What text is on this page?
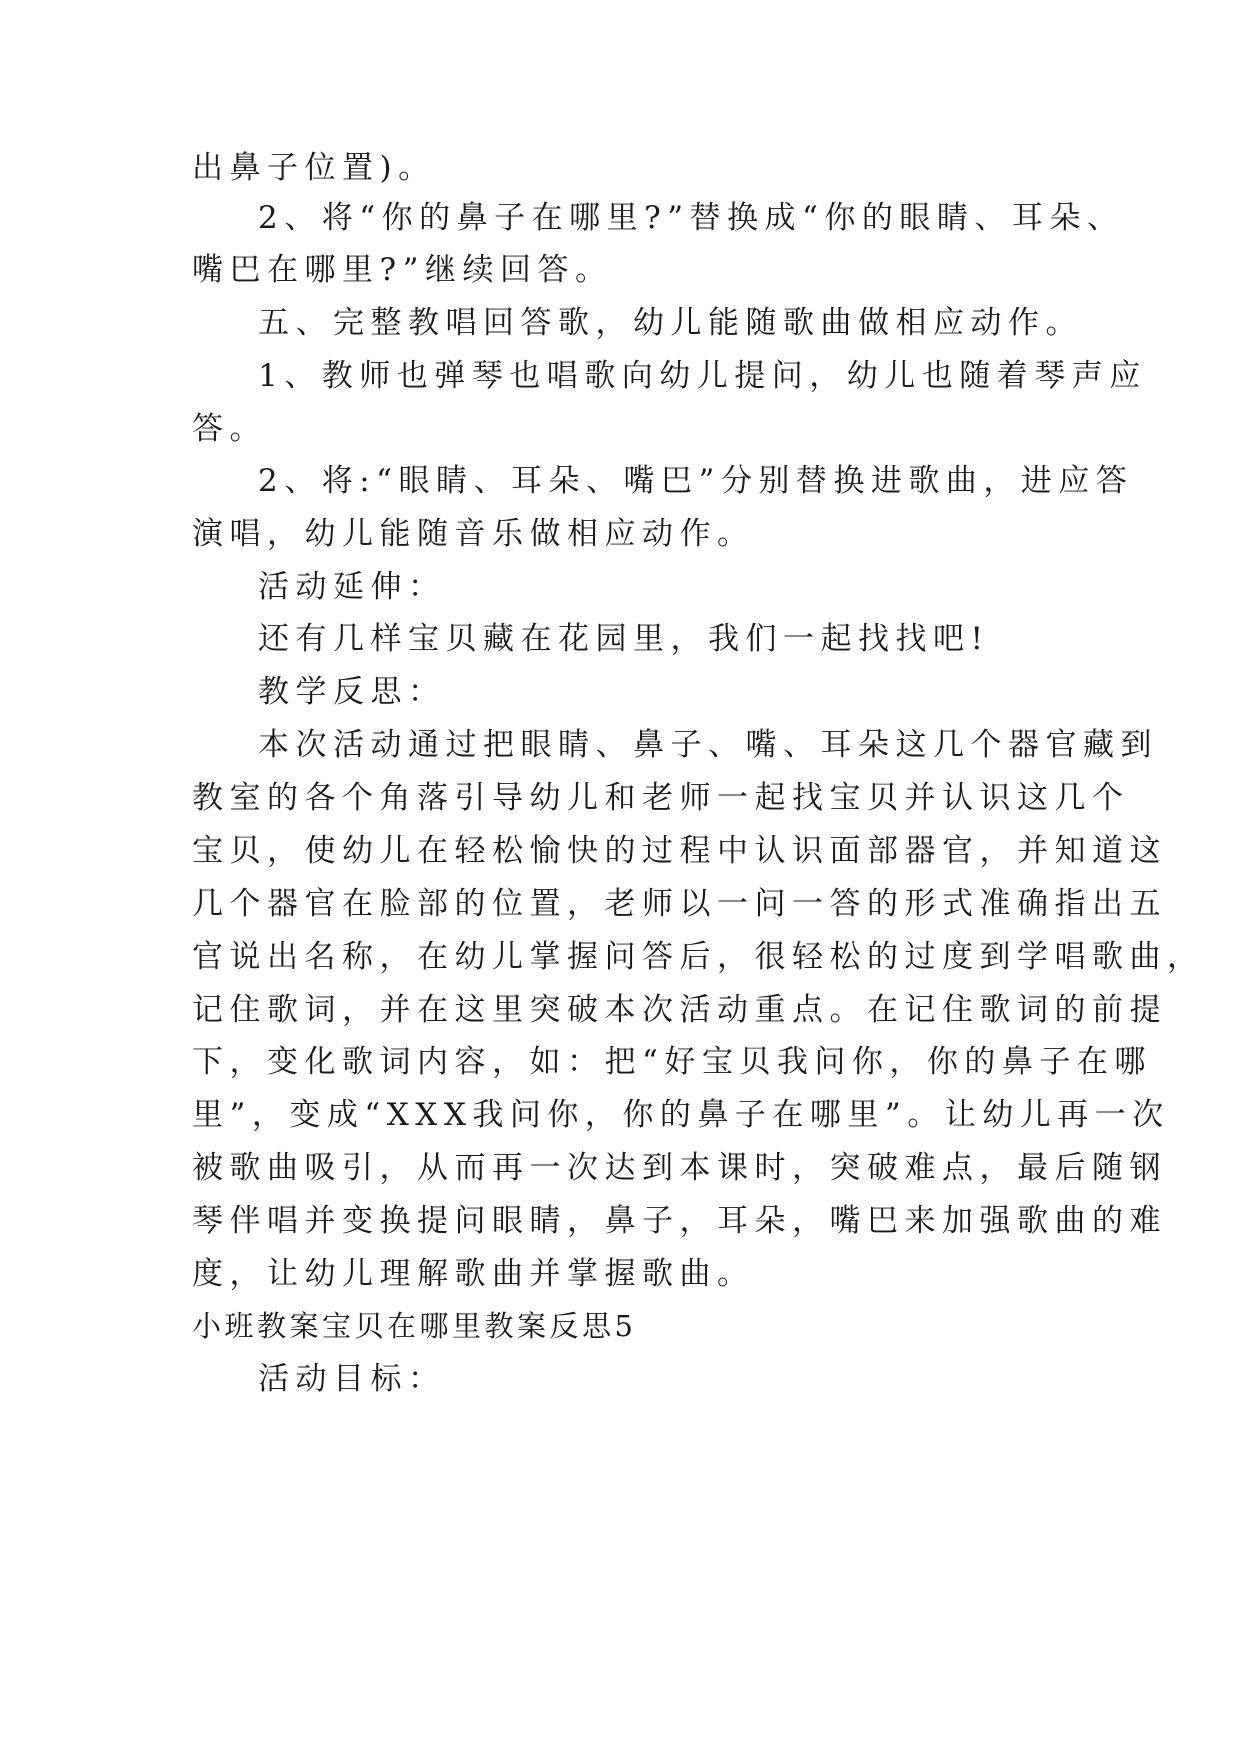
出鼻子位置)。

2、将“你的鼻子在哪里?”替换成“你的眼睛、耳朵、

嘴巴在哪里?”继续回答。

五、完整教唱回答歌，幼儿能随歌曲做相应动作。

1、教师也弹琴也唱歌向幼儿提问，幼儿也随着琴声应

答。

2、将:“眼睛、耳朵、嘴巴”分别替换进歌曲，进应答

演唱，幼儿能随音乐做相应动作。

活动延伸：

还有几样宝贝藏在花园里，我们一起找找吧!

教学反思：

本次活动通过把眼睛、鼻子、嘴、耳朵这几个器官藏到

教室的各个角落引导幼儿和老师一起找宝贝并认识这几个

宝贝，使幼儿在轻松愉快的过程中认识面部器官，并知道这

几个器官在脸部的位置，老师以一问一答的形式准确指出五

官说出名称，在幼儿掌握问答后，很轻松的过度到学唱歌曲，

记住歌词，并在这里突破本次活动重点。在记住歌词的前提

下，变化歌词内容，如：把“好宝贝我问你，你的鼻子在哪

里”，变成“XXX我问你，你的鼻子在哪里”。让幼儿再一次

被歌曲吸引，从而再一次达到本课时，突破难点，最后随钢

琴伴唱并变换提问眼睛，鼻子，耳朵，嘴巴来加强歌曲的难

度，让幼儿理解歌曲并掌握歌曲。

小班教案宝贝在哪里教案反思5

活动目标：
